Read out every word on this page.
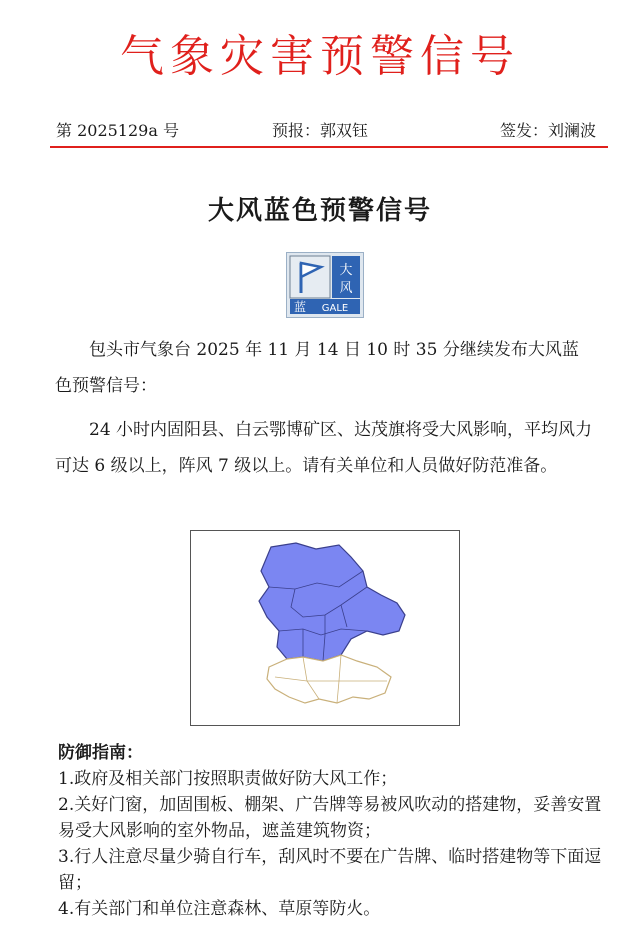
气象灾害预警信号
第 2025129a 号	预报：郭双钰	签发：刘澜波
大风蓝色预警信号
大
风
蓝 GALE

包头市气象台 2025 年 11 月 14 日 10 时 35 分继续发布大风蓝色预警信号：

24 小时内固阳县、白云鄂博矿区、达茂旗将受大风影响，平均风力可达 6 级以上，阵风 7 级以上。请有关单位和人员做好防范准备。

防御指南：
1.政府及相关部门按照职责做好防大风工作；
2.关好门窗，加固围板、棚架、广告牌等易被风吹动的搭建物，妥善安置易受大风影响的室外物品，遮盖建筑物资；
3.行人注意尽量少骑自行车，刮风时不要在广告牌、临时搭建物等下面逗留；
4.有关部门和单位注意森林、草原等防火。
